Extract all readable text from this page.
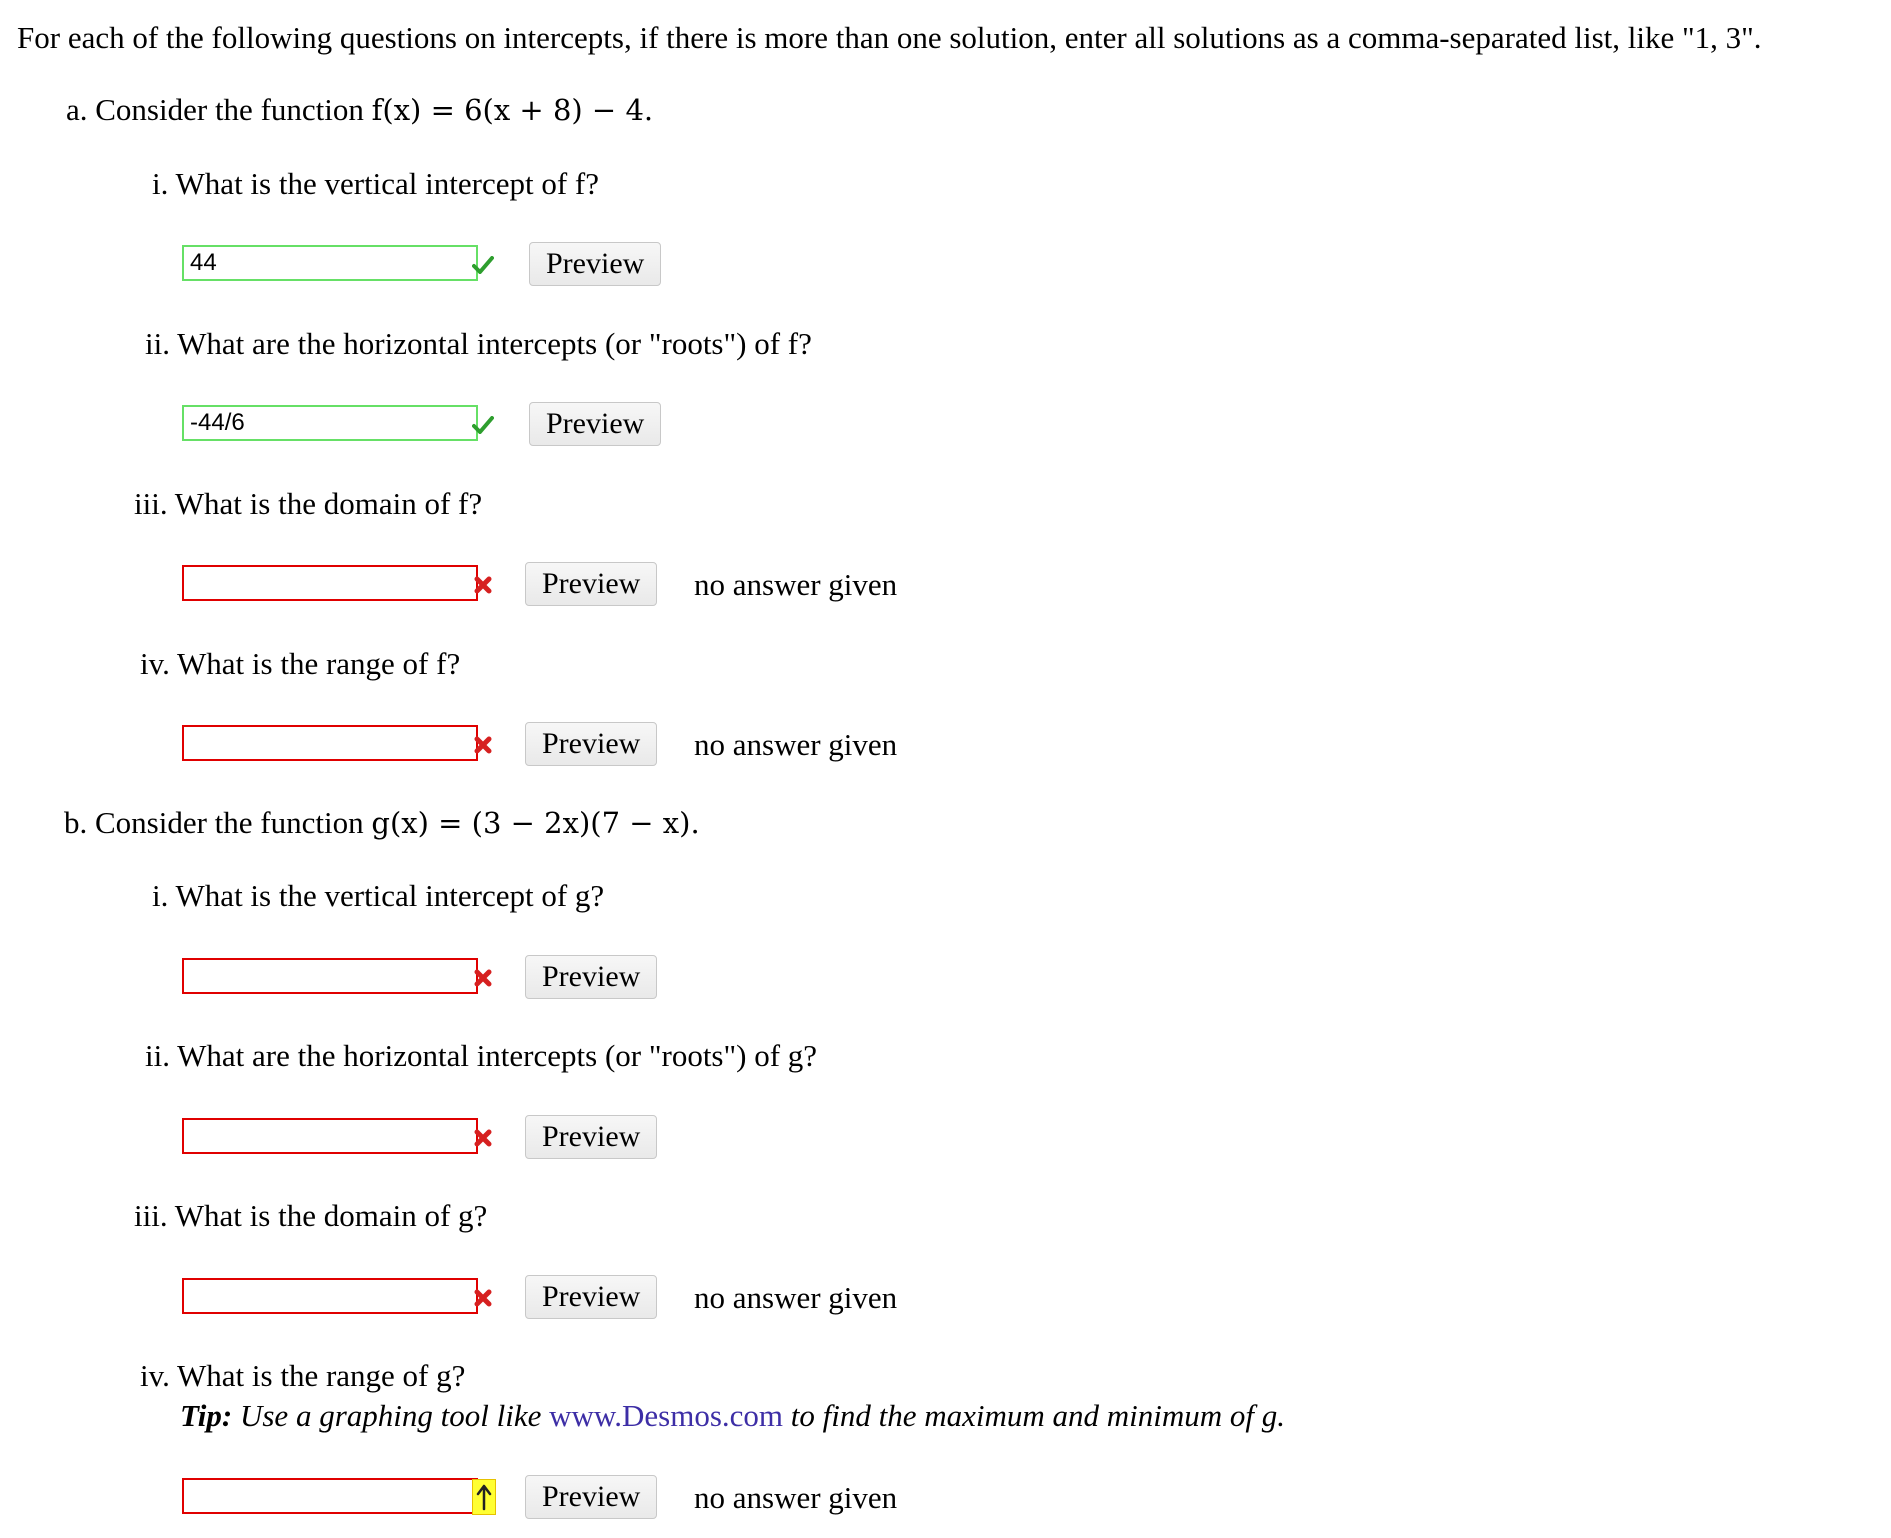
For each of the following questions on intercepts, if there is more than one solution, enter all solutions as a comma-separated list, like "1, 3".
a. Consider the function f(x) = 6(x + 8) − 4.
i. What is the vertical intercept of f?
44
Preview
ii. What are the horizontal intercepts (or "roots") of f?
-44/6
Preview
iii. What is the domain of f?
Preview	no answer given
iv. What is the range of f?
Preview	no answer given
b. Consider the function g(x) = (3 − 2x)(7 − x).
i. What is the vertical intercept of g?
Preview
ii. What are the horizontal intercepts (or "roots") of g?
Preview
iii. What is the domain of g?
Preview	no answer given
iv. What is the range of g?
Tip: Use a graphing tool like www.Desmos.com to find the maximum and minimum of g.
Preview	no answer given
